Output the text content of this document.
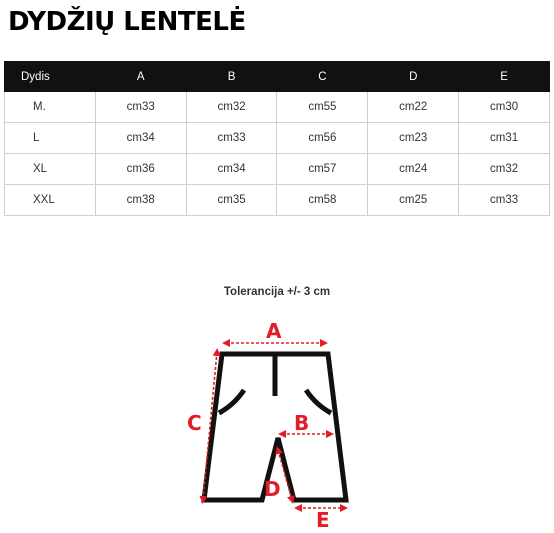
DYDŽIŲ LENTELĖ
Dydis	A	B	C	D	E
M.	cm33	cm32	cm55	cm22	cm30
L	cm34	cm33	cm56	cm23	cm31
XL	cm36	cm34	cm57	cm24	cm32
XXL	cm38	cm35	cm58	cm25	cm33
Tolerancija +/- 3 cm
A
B
C
D
E
